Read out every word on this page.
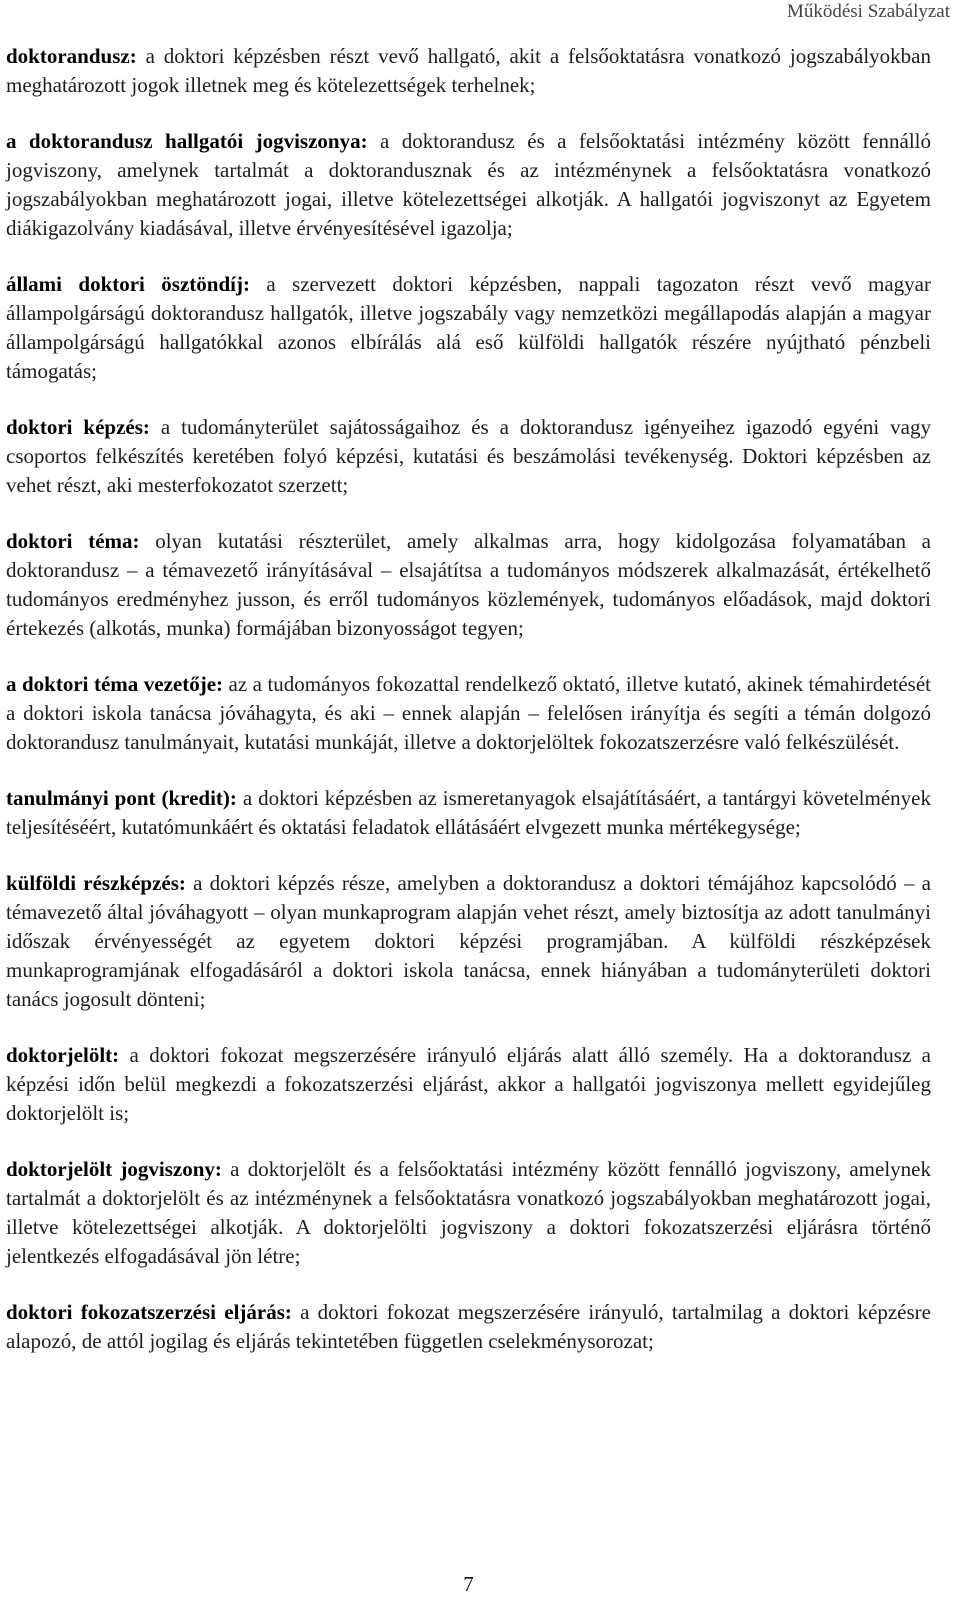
Működési Szabályzat

doktorandusz: a doktori képzésben részt vevő hallgató, akit a felsőoktatásra vonatkozó jogszabályokban meghatározott jogok illetnek meg és kötelezettségek terhelnek;

a doktorandusz hallgatói jogviszonya: a doktorandusz és a felsőoktatási intézmény között fennálló jogviszony, amelynek tartalmát a doktorandusznak és az intézménynek a felsőoktatásra vonatkozó jogszabályokban meghatározott jogai, illetve kötelezettségei alkotják. A hallgatói jogviszonyt az Egyetem diákigazolvány kiadásával, illetve érvényesítésével igazolja;

állami doktori ösztöndíj: a szervezett doktori képzésben, nappali tagozaton részt vevő magyar állampolgárságú doktorandusz hallgatók, illetve jogszabály vagy nemzetközi megállapodás alapján a magyar állampolgárságú hallgatókkal azonos elbírálás alá eső külföldi hallgatók részére nyújtható pénzbeli támogatás;

doktori képzés: a tudományterület sajátosságaihoz és a doktorandusz igényeihez igazodó egyéni vagy csoportos felkészítés keretében folyó képzési, kutatási és beszámolási tevékenység. Doktori képzésben az vehet részt, aki mesterfokozatot szerzett;

doktori téma: olyan kutatási részterület, amely alkalmas arra, hogy kidolgozása folyamatában a doktorandusz – a témavezető irányításával – elsajátítsa a tudományos módszerek alkalmazását, értékelhető tudományos eredményhez jusson, és erről tudományos közlemények, tudományos előadások, majd doktori értekezés (alkotás, munka) formájában bizonyosságot tegyen;

a doktori téma vezetője: az a tudományos fokozattal rendelkező oktató, illetve kutató, akinek témahirdetését a doktori iskola tanácsa jóváhagyta, és aki – ennek alapján – felelősen irányítja és segíti a témán dolgozó doktorandusz tanulmányait, kutatási munkáját, illetve a doktorjelöltek fokozatszerzésre való felkészülését.

tanulmányi pont (kredit): a doktori képzésben az ismeretanyagok elsajátításáért, a tantárgyi követelmények teljesítéséért, kutatómunkáért és oktatási feladatok ellátásáért elvgezett munka mértékegysége;

külföldi részképzés: a doktori képzés része, amelyben a doktorandusz a doktori témájához kapcsolódó – a témavezető által jóváhagyott – olyan munkaprogram alapján vehet részt, amely biztosítja az adott tanulmányi időszak érvényességét az egyetem doktori képzési programjában. A külföldi részképzések munkaprogramjának elfogadásáról a doktori iskola tanácsa, ennek hiányában a tudományterületi doktori tanács jogosult dönteni;

doktorjelölt: a doktori fokozat megszerzésére irányuló eljárás alatt álló személy. Ha a doktorandusz a képzési időn belül megkezdi a fokozatszerzési eljárást, akkor a hallgatói jogviszonya mellett egyidejűleg doktorjelölt is;

doktorjelölt jogviszony: a doktorjelölt és a felsőoktatási intézmény között fennálló jogviszony, amelynek tartalmát a doktorjelölt és az intézménynek a felsőoktatásra vonatkozó jogszabályokban meghatározott jogai, illetve kötelezettségei alkotják. A doktorjelölti jogviszony a doktori fokozatszerzési eljárásra történő jelentkezés elfogadásával jön létre;

doktori fokozatszerzési eljárás: a doktori fokozat megszerzésére irányuló, tartalmilag a doktori képzésre alapozó, de attól jogilag és eljárás tekintetében független cselekménysorozat;

7
